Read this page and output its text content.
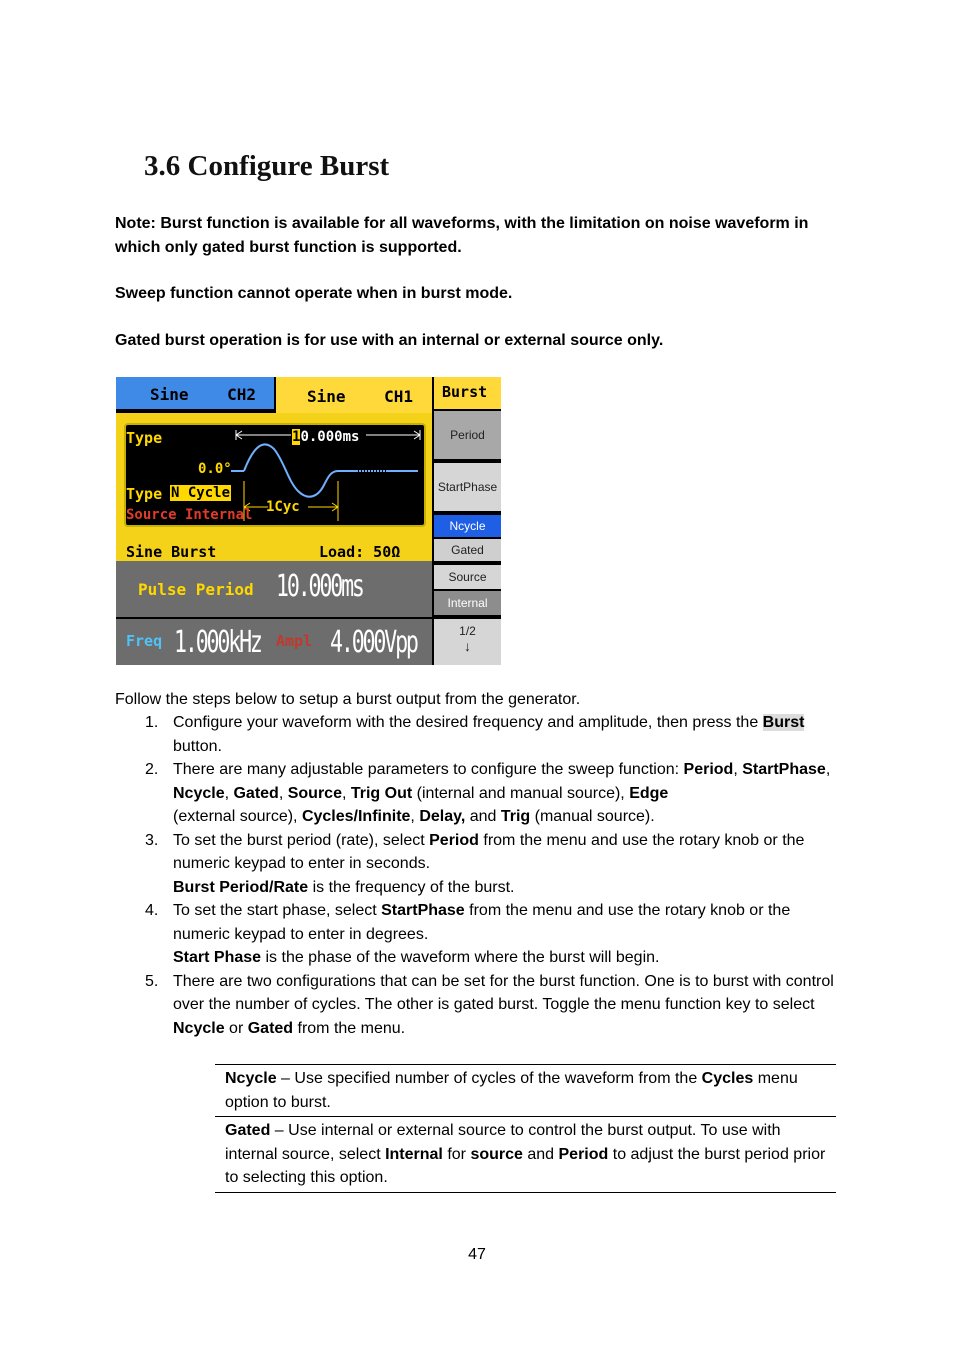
3.6 Configure Burst
Note: Burst function is available for all waveforms, with the limitation on noise waveform in which only gated burst function is supported.
Sweep function cannot operate when in burst mode.
Gated burst operation is for use with an internal or external source only.
Sine    CH2	Sine    CH1
Type	10.000ms
0.0°
Type N Cycle
Source Internal 1Cyc
Sine Burst	Load: 50Ω
Pulse Period 10.000ms
Freq 1.000kHz Ampl 4.000Vpp
Burst
Period
StartPhase
Ncycle
Gated
Source
Internal
1/2
↓
Follow the steps below to setup a burst output from the generator.
1. Configure your waveform with the desired frequency and amplitude, then press the Burst button.
2. There are many adjustable parameters to configure the sweep function: Period, StartPhase, Ncycle, Gated, Source, Trig Out (internal and manual source), Edge
(external source), Cycles/Infinite, Delay, and Trig (manual source).
3. To set the burst period (rate), select Period from the menu and use the rotary knob or the numeric keypad to enter in seconds.
Burst Period/Rate is the frequency of the burst.
4. To set the start phase, select StartPhase from the menu and use the rotary knob or the numeric keypad to enter in degrees.
Start Phase is the phase of the waveform where the burst will begin.
5. There are two configurations that can be set for the burst function. One is to burst with control over the number of cycles. The other is gated burst. Toggle the menu function key to select Ncycle or Gated from the menu.
Ncycle – Use specified number of cycles of the waveform from the Cycles menu option to burst.
Gated – Use internal or external source to control the burst output. To use with internal source, select Internal for source and Period to adjust the burst period prior to selecting this option.
47
